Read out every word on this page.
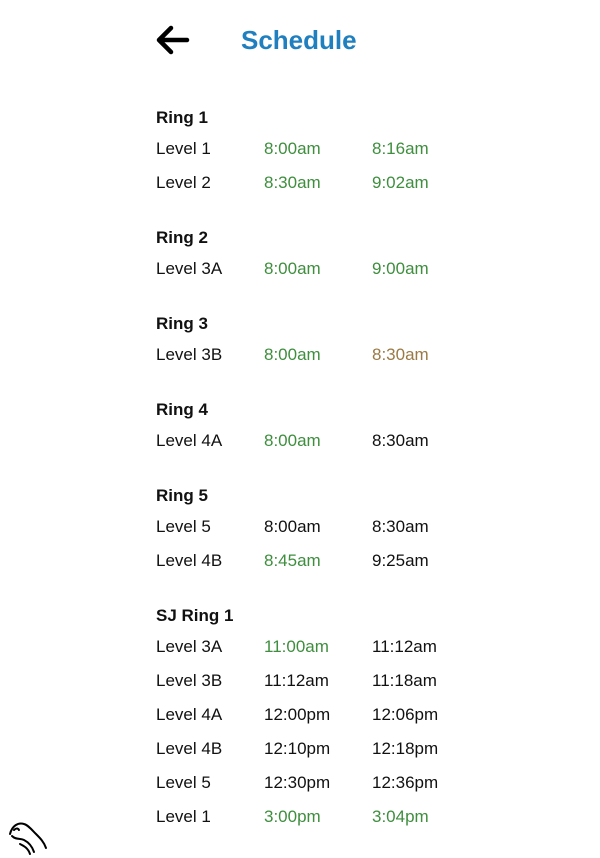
Schedule
Ring 1
Level 1	8:00am	8:16am
Level 2	8:30am	9:02am
Ring 2
Level 3A 8:00am	9:00am
Ring 3
Level 3B 8:00am	8:30am
Ring 4
Level 4A 8:00am	8:30am
Ring 5
Level 5	8:00am	8:30am
Level 4B 8:45am	9:25am
SJ Ring 1
Level 3A 11:00am	11:12am
Level 3B 11:12am	11:18am
Level 4A 12:00pm 12:06pm
Level 4B 12:10pm 12:18pm
Level 5	12:30pm 12:36pm
Level 1	3:00pm	3:04pm
